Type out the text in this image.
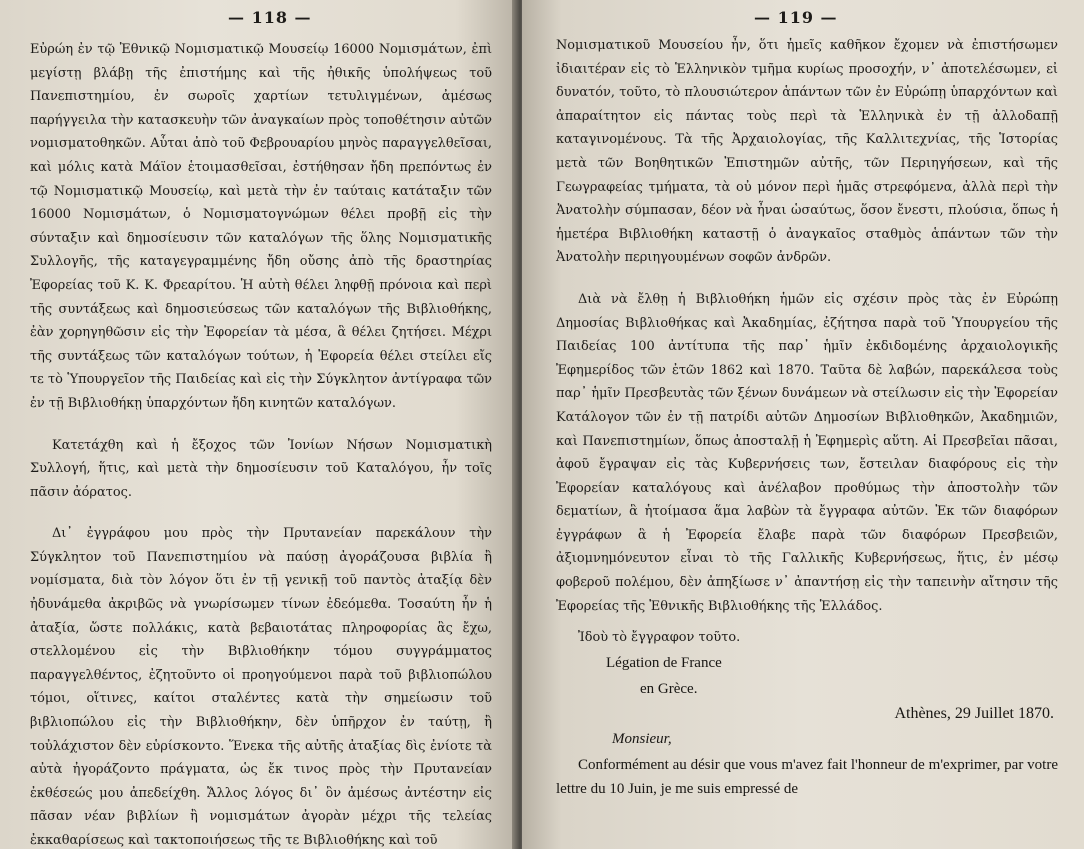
— 118 —

Εὐρώη ἐν τῷ Ἐθνικῷ Νομισματικῷ Μουσείῳ 16000 Νομισμάτων, ἐπὶ μεγίστῃ βλάβῃ τῆς ἐπιστήμης καὶ τῆς ἠθικῆς ὑπολήψεως τοῦ Πανεπιστημίου, ἐν σωροῖς χαρτίων τετυλιγμένων, ἀμέσως παρήγγειλα τὴν κατασκευὴν τῶν ἀναγκαίων πρὸς τοποθέτησιν αὐτῶν νομισματοθηκῶν. Αὗται ἀπὸ τοῦ Φεβρουαρίου μηνὸς παραγγελθεῖσαι, καὶ μόλις κατὰ Μάϊον ἑτοιμασθεῖσαι, ἐστήθησαν ἤδη πρεπόντως ἐν τῷ Νομισματικῷ Μουσείῳ, καὶ μετὰ τὴν ἐν ταύταις κατάταξιν τῶν 16000 Νομισμάτων, ὁ Νομισματογνώμων θέλει προβῇ εἰς τὴν σύνταξιν καὶ δημοσίευσιν τῶν καταλόγων τῆς ὅλης Νομισματικῆς Συλλογῆς, τῆς καταγεγραμμένης ἤδη οὔσης ἀπὸ τῆς δραστηρίας Ἐφορείας τοῦ Κ. Κ. Φρεαρίτου. Ἡ αὐτὴ θέλει ληφθῇ πρόνοια καὶ περὶ τῆς συντάξεως καὶ δημοσιεύσεως τῶν καταλόγων τῆς Βιβλιοθήκης, ἐὰν χορηγηθῶσιν εἰς τὴν Ἐφορείαν τὰ μέσα, ἃ θέλει ζητήσει. Μέχρι τῆς συντάξεως τῶν καταλόγων τούτων, ἡ Ἐφορεία θέλει στείλει εἴς τε τὸ Ὑπουργεῖον τῆς Παιδείας καὶ εἰς τὴν Σύγκλητον ἀντίγραφα τῶν ἐν τῇ Βιβλιοθήκῃ ὑπαρχόντων ἤδη κινητῶν καταλόγων.

Κατετάχθη καὶ ἡ ἔξοχος τῶν Ἰονίων Νήσων Νομισματικὴ Συλλογή, ἥτις, καὶ μετὰ τὴν δημοσίευσιν τοῦ Καταλόγου, ἦν τοῖς πᾶσιν ἀόρατος.

Δι᾽ ἐγγράφου μου πρὸς τὴν Πρυτανείαν παρεκάλουν τὴν Σύγκλητον τοῦ Πανεπιστημίου νὰ παύσῃ ἀγοράζουσα βιβλία ἢ νομίσματα, διὰ τὸν λόγον ὅτι ἐν τῇ γενικῇ τοῦ παντὸς ἀταξίᾳ δὲν ἠδυνάμεθα ἀκριβῶς νὰ γνωρίσωμεν τίνων ἐδεόμεθα. Τοσαύτη ἦν ἡ ἀταξία, ὥστε πολλάκις, κατὰ βεβαιοτάτας πληροφορίας ἃς ἔχω, στελλομένου εἰς τὴν Βιβλιοθήκην τόμου συγγράμματος παραγγελθέντος, ἐζητοῦντο οἱ προηγούμενοι παρὰ τοῦ βιβλιοπώλου τόμοι, οἵτινες, καίτοι σταλέντες κατὰ τὴν σημείωσιν τοῦ βιβλιοπώλου εἰς τὴν Βιβλιοθήκην, δὲν ὑπῆρχον ἐν ταύτῃ, ἢ τοὐλάχιστον δὲν εὑρίσκοντο. Ἕνεκα τῆς αὐτῆς ἀταξίας δὶς ἐνίοτε τὰ αὐτὰ ἠγοράζοντο πράγματα, ὡς ἔκ τινος πρὸς τὴν Πρυτανείαν ἐκθέσεώς μου ἀπεδείχθη. Ἄλλος λόγος δι᾽ ὃν ἀμέσως ἀντέστην εἰς πᾶσαν νέαν βιβλίων ἢ νομισμάτων ἀγορὰν μέχρι τῆς τελείας ἐκκαθαρίσεως καὶ τακτοποιήσεως τῆς τε Βιβλιοθήκης καὶ τοῦ

— 119 —

Νομισματικοῦ Μουσείου ἦν, ὅτι ἡμεῖς καθῆκον ἔχομεν νὰ ἐπιστήσωμεν ἰδιαιτέραν εἰς τὸ Ἑλληνικὸν τμῆμα κυρίως προσοχήν, ν᾽ ἀποτελέσωμεν, εἰ δυνατόν, τοῦτο, τὸ πλουσιώτερον ἁπάντων τῶν ἐν Εὐρώπῃ ὑπαρχόντων καὶ ἀπαραίτητον εἰς πάντας τοὺς περὶ τὰ Ἑλληνικὰ ἐν τῇ ἀλλοδαπῇ καταγινομένους. Τὰ τῆς Ἀρχαιολογίας, τῆς Καλλιτεχνίας, τῆς Ἱστορίας μετὰ τῶν Βοηθητικῶν Ἐπιστημῶν αὐτῆς, τῶν Περιηγήσεων, καὶ τῆς Γεωγραφείας τμήματα, τὰ οὐ μόνον περὶ ἡμᾶς στρεφόμενα, ἀλλὰ περὶ τὴν Ἀνατολὴν σύμπασαν, δέον νὰ ἦναι ὡσαύτως, ὅσον ἔνεστι, πλούσια, ὅπως ἡ ἡμετέρα Βιβλιοθήκη καταστῇ ὁ ἀναγκαῖος σταθμὸς ἁπάντων τῶν τὴν Ἀνατολὴν περιηγουμένων σοφῶν ἀνδρῶν.

Διὰ νὰ ἔλθῃ ἡ Βιβλιοθήκη ἡμῶν εἰς σχέσιν πρὸς τὰς ἐν Εὐρώπῃ Δημοσίας Βιβλιοθήκας καὶ Ἀκαδημίας, ἐζήτησα παρὰ τοῦ Ὑπουργείου τῆς Παιδείας 100 ἀντίτυπα τῆς παρ᾽ ἡμῖν ἐκδιδομένης ἀρχαιολογικῆς Ἐφημερίδος τῶν ἐτῶν 1862 καὶ 1870. Ταῦτα δὲ λαβών, παρεκάλεσα τοὺς παρ᾽ ἡμῖν Πρεσβευτὰς τῶν ξένων δυνάμεων νὰ στείλωσιν εἰς τὴν Ἐφορείαν Κατάλογον τῶν ἐν τῇ πατρίδι αὐτῶν Δημοσίων Βιβλιοθηκῶν, Ἀκαδημιῶν, καὶ Πανεπιστημίων, ὅπως ἀποσταλῇ ἡ Ἐφημερὶς αὕτη. Αἱ Πρεσβεῖαι πᾶσαι, ἀφοῦ ἔγραψαν εἰς τὰς Κυβερνήσεις των, ἔστειλαν διαφόρους εἰς τὴν Ἐφορείαν καταλόγους καὶ ἀνέλαβον προθύμως τὴν ἀποστολὴν τῶν δεματίων, ἃ ἡτοίμασα ἅμα λαβὼν τὰ ἔγγραφα αὐτῶν. Ἐκ τῶν διαφόρων ἐγγράφων ἃ ἡ Ἐφορεία ἔλαβε παρὰ τῶν διαφόρων Πρεσβειῶν, ἀξιομνημόνευτον εἶναι τὸ τῆς Γαλλικῆς Κυβερνήσεως, ἥτις, ἐν μέσῳ φοβεροῦ πολέμου, δὲν ἀπηξίωσε ν᾽ ἀπαντήσῃ εἰς τὴν ταπεινὴν αἴτησιν τῆς Ἐφορείας τῆς Ἐθνικῆς Βιβλιοθήκης τῆς Ἑλλάδος.

Ἰδοὺ τὸ ἔγγραφον τοῦτο.

Légation de France

en Grèce.

Athènes, 29 Juillet 1870.

Monsieur,

Conformément au désir que vous m'avez fait l'honneur de m'exprimer, par votre lettre du 10 Juin, je me suis empressé de
